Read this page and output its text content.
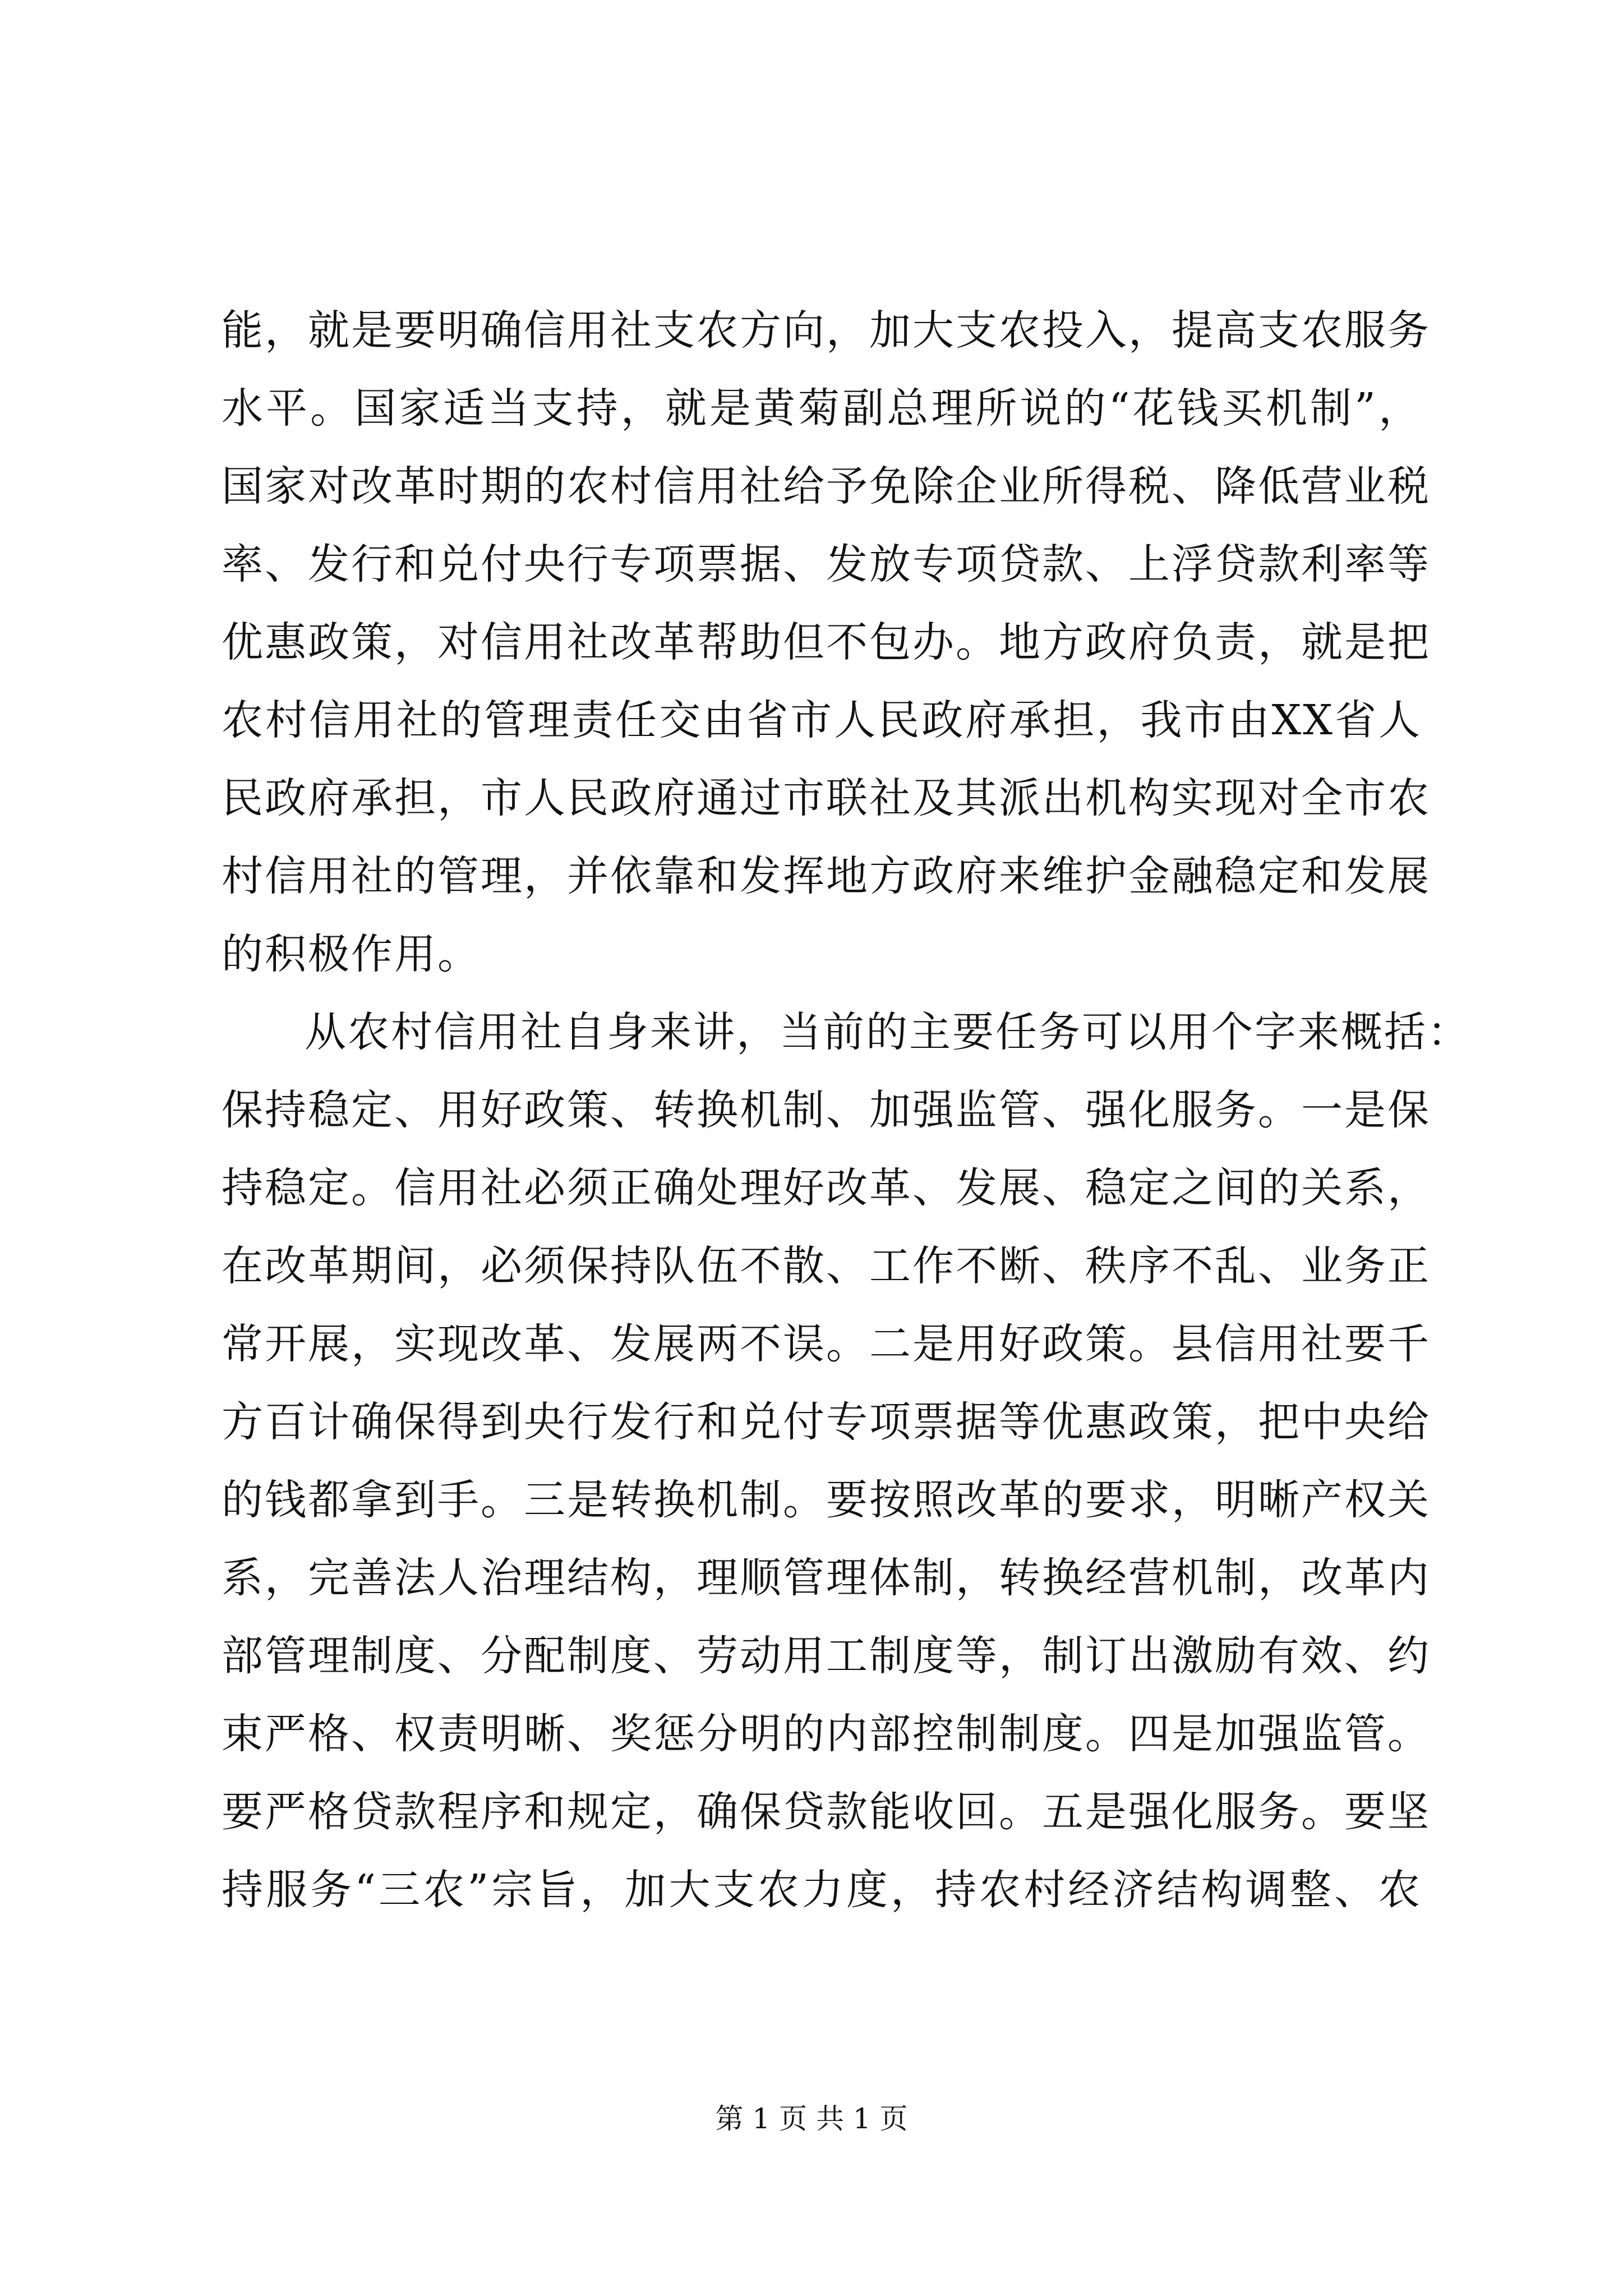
能，就是要明确信用社支农方向，加大支农投入，提高支农服务
水平。国家适当支持，就是黄菊副总理所说的“花钱买机制”，
国家对改革时期的农村信用社给予免除企业所得税、降低营业税
率、发行和兑付央行专项票据、发放专项贷款、上浮贷款利率等
优惠政策，对信用社改革帮助但不包办。地方政府负责，就是把
农村信用社的管理责任交由省市人民政府承担，我市由XX省人
民政府承担，市人民政府通过市联社及其派出机构实现对全市农
村信用社的管理，并依靠和发挥地方政府来维护金融稳定和发展
的积极作用。
从农村信用社自身来讲，当前的主要任务可以用个字来概括：
保持稳定、用好政策、转换机制、加强监管、强化服务。一是保
持稳定。信用社必须正确处理好改革、发展、稳定之间的关系，
在改革期间，必须保持队伍不散、工作不断、秩序不乱、业务正
常开展，实现改革、发展两不误。二是用好政策。县信用社要千
方百计确保得到央行发行和兑付专项票据等优惠政策，把中央给
的钱都拿到手。三是转换机制。要按照改革的要求，明晰产权关
系，完善法人治理结构，理顺管理体制，转换经营机制，改革内
部管理制度、分配制度、劳动用工制度等，制订出激励有效、约
束严格、权责明晰、奖惩分明的内部控制制度。四是加强监管。
要严格贷款程序和规定，确保贷款能收回。五是强化服务。要坚
持服务“三农”宗旨，加大支农力度，持农村经济结构调整、农
第 1 页 共 1 页
